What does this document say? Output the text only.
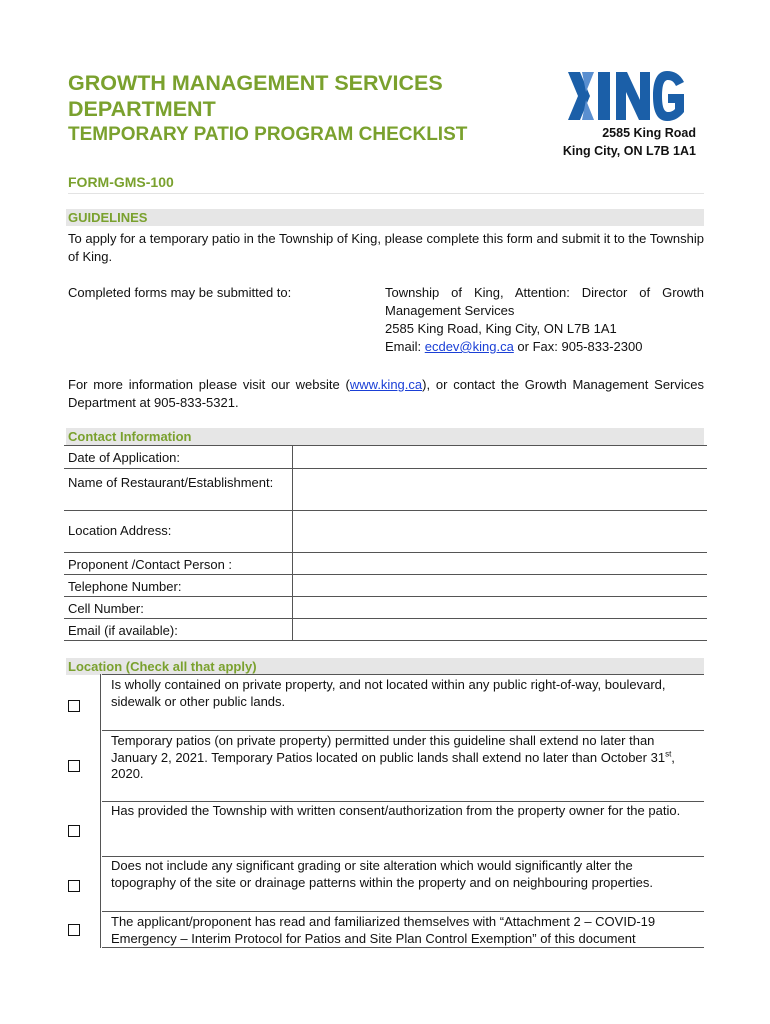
GROWTH MANAGEMENT SERVICES DEPARTMENT
TEMPORARY PATIO PROGRAM CHECKLIST
FORM-GMS-100
2585 King Road
King City, ON L7B 1A1
GUIDELINES
To apply for a temporary patio in the Township of King, please complete this form and submit it to the Township of King.
Completed forms may be submitted to:	Township of King, Attention: Director of Growth Management Services
2585 King Road, King City, ON L7B 1A1
Email: ecdev@king.ca or Fax: 905-833-2300
For more information please visit our website (www.king.ca), or contact the Growth Management Services Department at 905-833-5321.
Contact Information
Date of Application:	
Name of Restaurant/Establishment:	
Location Address:	
Proponent /Contact Person :	
Telephone Number:	
Cell Number:	
Email (if available):	
Location (Check all that apply)
Is wholly contained on private property, and not located within any public right-of-way, boulevard, sidewalk or other public lands.
Temporary patios (on private property) permitted under this guideline shall extend no later than January 2, 2021. Temporary Patios located on public lands shall extend no later than October 31st, 2020.
Has provided the Township with written consent/authorization from the property owner for the patio.
Does not include any significant grading or site alteration which would significantly alter the topography of the site or drainage patterns within the property and on neighbouring properties.
The applicant/proponent has read and familiarized themselves with “Attachment 2 – COVID-19 Emergency – Interim Protocol for Patios and Site Plan Control Exemption” of this document
